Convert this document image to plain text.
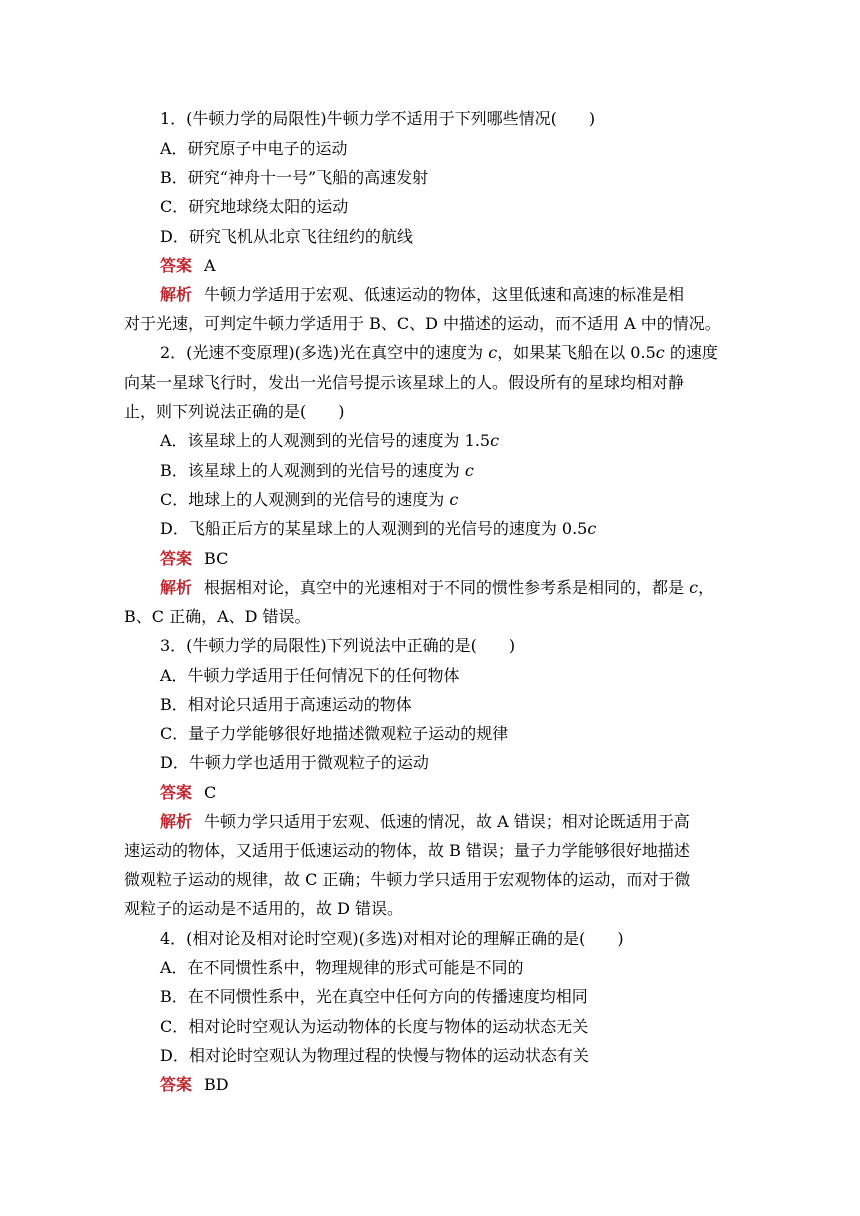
1．(牛顿力学的局限性)牛顿力学不适用于下列哪些情况(　　)
A．研究原子中电子的运动
B．研究“神舟十一号”飞船的高速发射
C．研究地球绕太阳的运动
D．研究飞机从北京飞往纽约的航线
答案 A
解析 牛顿力学适用于宏观、低速运动的物体，这里低速和高速的标准是相
对于光速，可判定牛顿力学适用于 B、C、D 中描述的运动，而不适用 A 中的情况。
2．(光速不变原理)(多选)光在真空中的速度为 c，如果某飞船在以 0.5c 的速度
向某一星球飞行时，发出一光信号提示该星球上的人。假设所有的星球均相对静
止，则下列说法正确的是(　　)
A．该星球上的人观测到的光信号的速度为 1.5c
B．该星球上的人观测到的光信号的速度为 c
C．地球上的人观测到的光信号的速度为 c
D．飞船正后方的某星球上的人观测到的光信号的速度为 0.5c
答案 BC
解析 根据相对论，真空中的光速相对于不同的惯性参考系是相同的，都是 c，
B、C 正确，A、D 错误。
3．(牛顿力学的局限性)下列说法中正确的是(　　)
A．牛顿力学适用于任何情况下的任何物体
B．相对论只适用于高速运动的物体
C．量子力学能够很好地描述微观粒子运动的规律
D．牛顿力学也适用于微观粒子的运动
答案 C
解析 牛顿力学只适用于宏观、低速的情况，故 A 错误；相对论既适用于高
速运动的物体，又适用于低速运动的物体，故 B 错误；量子力学能够很好地描述
微观粒子运动的规律，故 C 正确；牛顿力学只适用于宏观物体的运动，而对于微
观粒子的运动是不适用的，故 D 错误。
4．(相对论及相对论时空观)(多选)对相对论的理解正确的是(　　)
A．在不同惯性系中，物理规律的形式可能是不同的
B．在不同惯性系中，光在真空中任何方向的传播速度均相同
C．相对论时空观认为运动物体的长度与物体的运动状态无关
D．相对论时空观认为物理过程的快慢与物体的运动状态有关
答案 BD
